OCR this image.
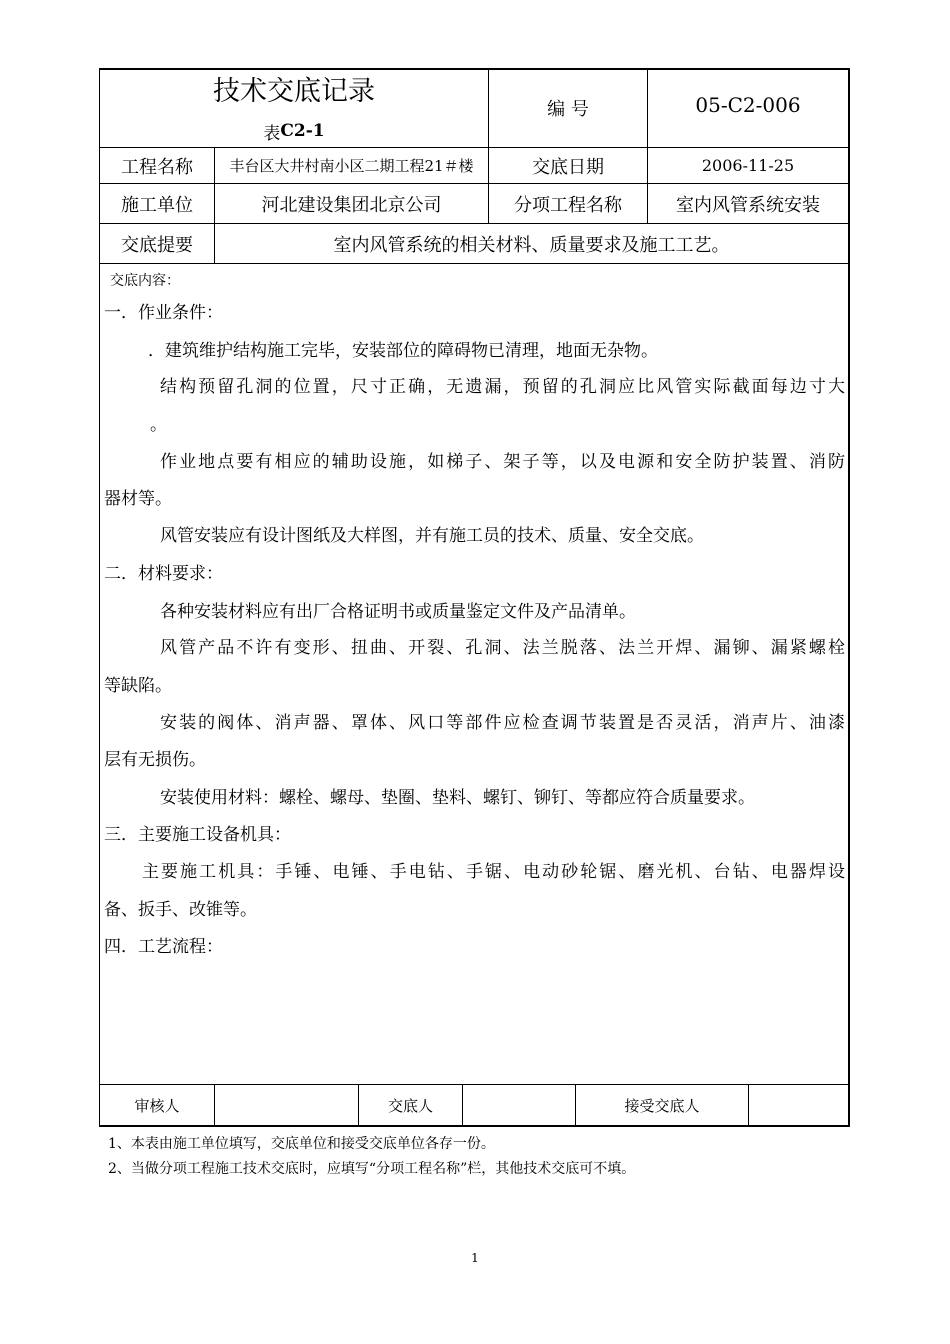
技术交底记录
表 C2-1
编 号	05-C2-006
工程名称	丰台区大井村南小区二期工程21＃楼	交底日期	2006-11-25
施工单位	河北建设集团北京公司	分项工程名称	室内风管系统安装
交底提要	室内风管系统的相关材料、质量要求及施工工艺。
交底内容：
一．作业条件：
．建筑维护结构施工完毕，安装部位的障碍物已清理，地面无杂物。
结构预留孔洞的位置，尺寸正确，无遗漏，预留的孔洞应比风管实际截面每边寸大
。
作业地点要有相应的辅助设施，如梯子、架子等，以及电源和安全防护装置、消防
器材等。
风管安装应有设计图纸及大样图，并有施工员的技术、质量、安全交底。
二．材料要求：
各种安装材料应有出厂合格证明书或质量鉴定文件及产品清单。
风管产品不许有变形、扭曲、开裂、孔洞、法兰脱落、法兰开焊、漏铆、漏紧螺栓
等缺陷。
安装的阀体、消声器、罩体、风口等部件应检查调节装置是否灵活，消声片、油漆
层有无损伤。
安装使用材料：螺栓、螺母、垫圈、垫料、螺钉、铆钉、等都应符合质量要求。
三．主要施工设备机具：
主要施工机具：手锤、电锤、手电钻、手锯、电动砂轮锯、磨光机、台钻、电器焊设
备、扳手、改锥等。
四．工艺流程：
审核人	交底人	接受交底人
1、本表由施工单位填写，交底单位和接受交底单位各存一份。
2、当做分项工程施工技术交底时，应填写“分项工程名称”栏，其他技术交底可不填。
1
